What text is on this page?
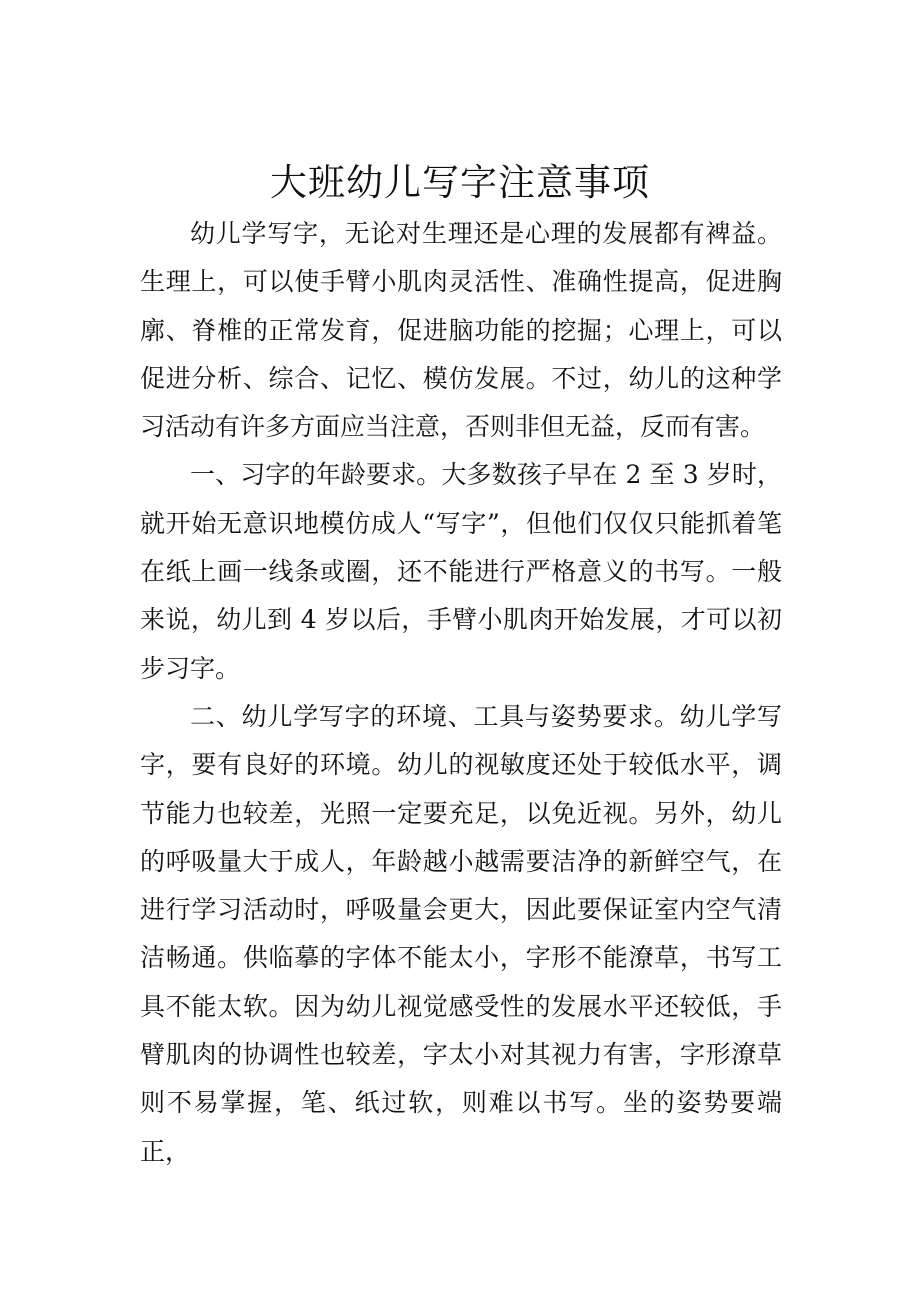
大班幼儿写字注意事项

幼儿学写字，无论对生理还是心理的发展都有裨益。生理上，可以使手臂小肌肉灵活性、准确性提高，促进胸廓、脊椎的正常发育，促进脑功能的挖掘；心理上，可以促进分析、综合、记忆、模仿发展。不过，幼儿的这种学习活动有许多方面应当注意，否则非但无益，反而有害。

一、习字的年龄要求。大多数孩子早在 2 至 3 岁时，就开始无意识地模仿成人“写字”，但他们仅仅只能抓着笔在纸上画一线条或圈，还不能进行严格意义的书写。一般来说，幼儿到 4 岁以后，手臂小肌肉开始发展，才可以初步习字。

二、幼儿学写字的环境、工具与姿势要求。幼儿学写字，要有良好的环境。幼儿的视敏度还处于较低水平，调节能力也较差，光照一定要充足，以免近视。另外，幼儿的呼吸量大于成人，年龄越小越需要洁净的新鲜空气，在进行学习活动时，呼吸量会更大，因此要保证室内空气清洁畅通。供临摹的字体不能太小，字形不能潦草，书写工具不能太软。因为幼儿视觉感受性的发展水平还较低，手臂肌肉的协调性也较差，字太小对其视力有害，字形潦草则不易掌握，笔、纸过软，则难以书写。坐的姿势要端正，
